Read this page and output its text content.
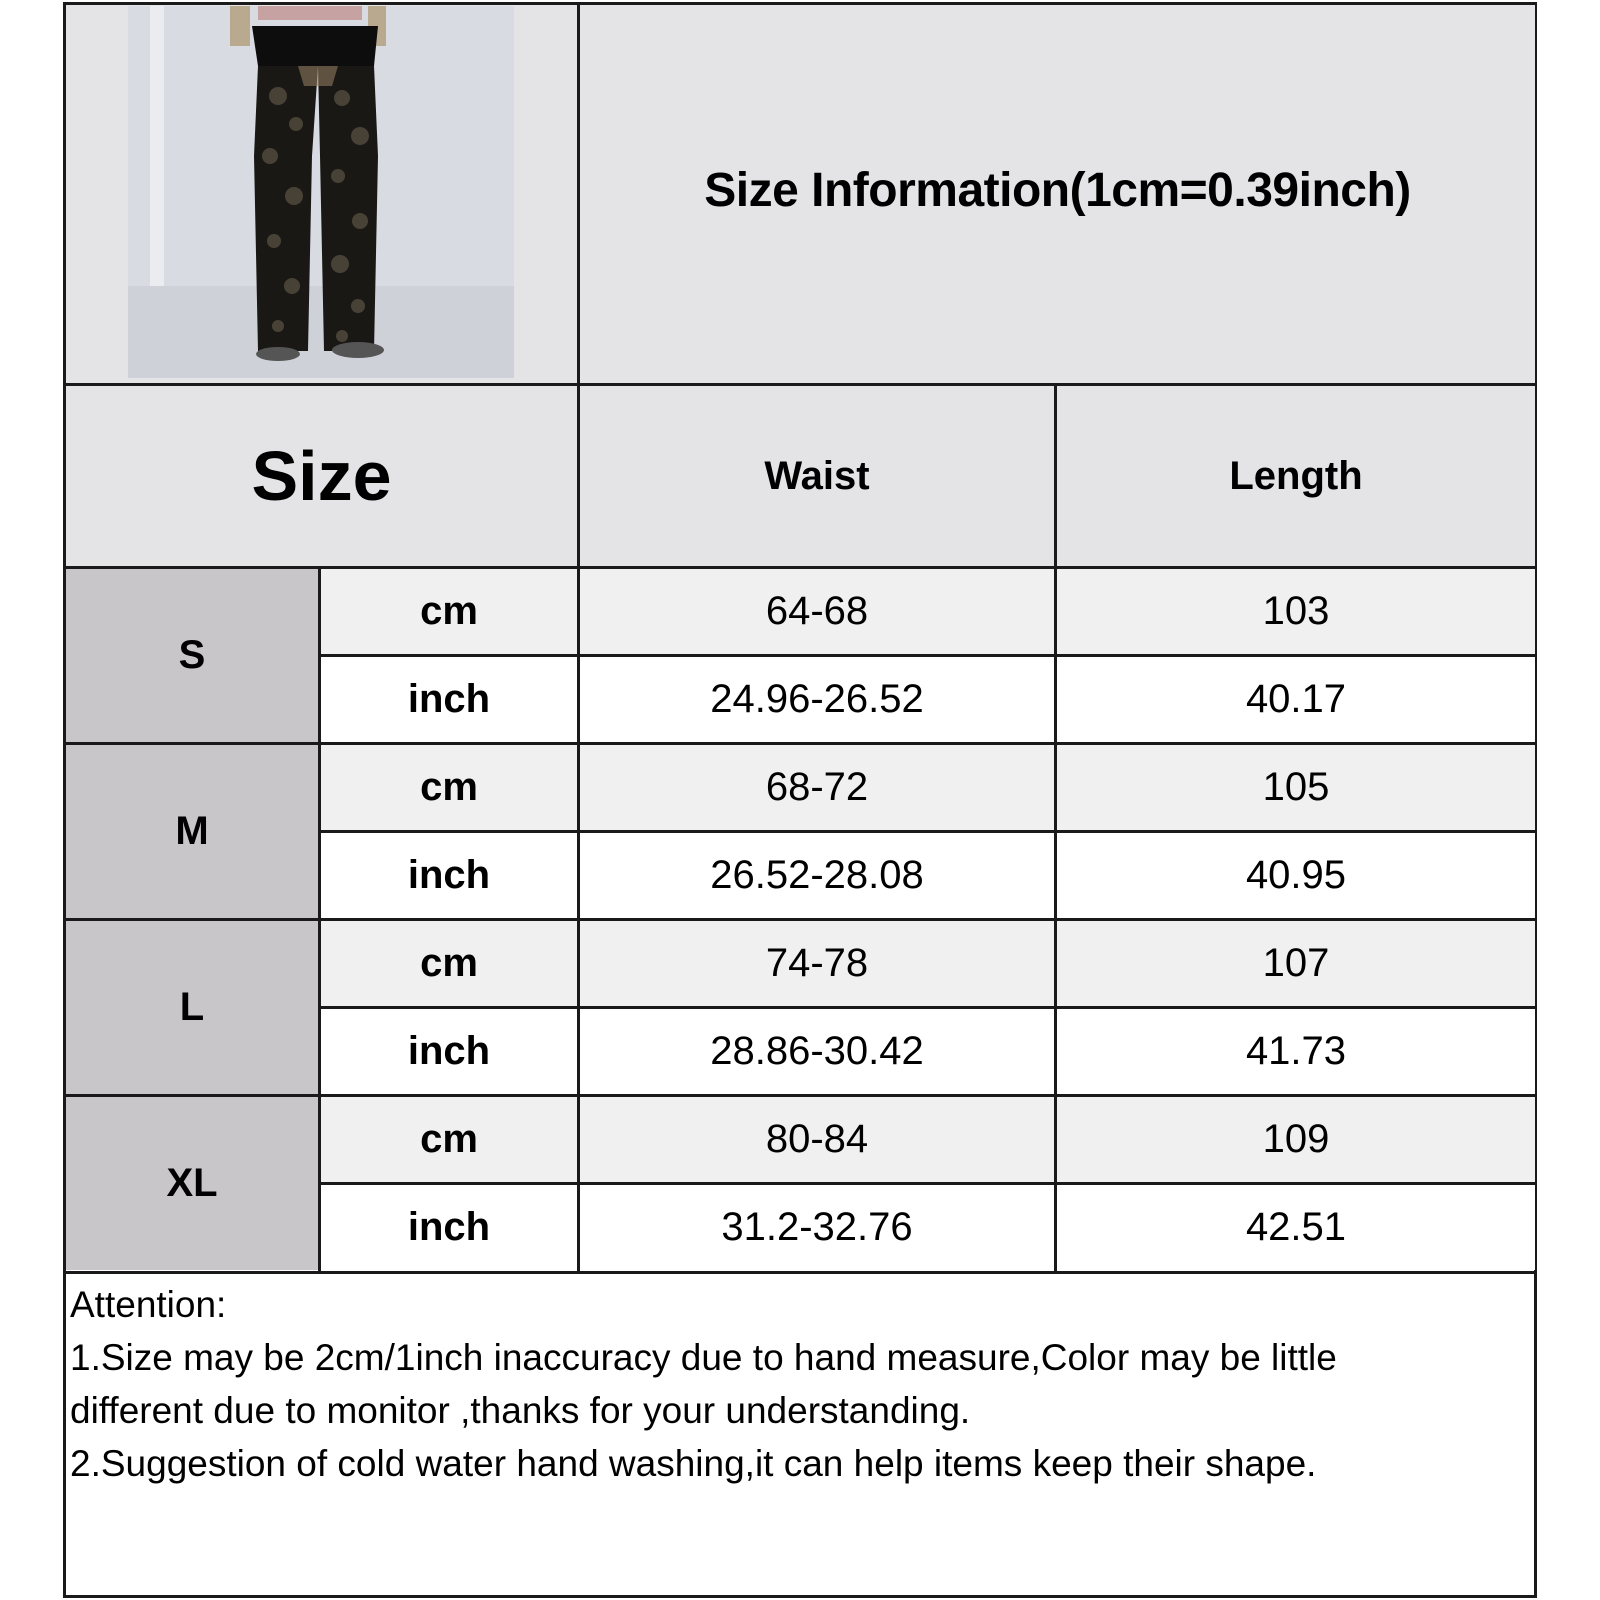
Size Information(1cm=0.39inch)
Size	Waist	Length
S
cm	64-68	103
inch	24.96-26.52	40.17
M
cm	68-72	105
inch	26.52-28.08	40.95
L
cm	74-78	107
inch	28.86-30.42	41.73
XL
cm	80-84	109
inch	31.2-32.76	42.51
Attention:
1.Size may be 2cm/1inch inaccuracy due to hand measure,Color may be little
different due to monitor ,thanks for your understanding.
2.Suggestion of cold water hand washing,it can help items keep their shape.
